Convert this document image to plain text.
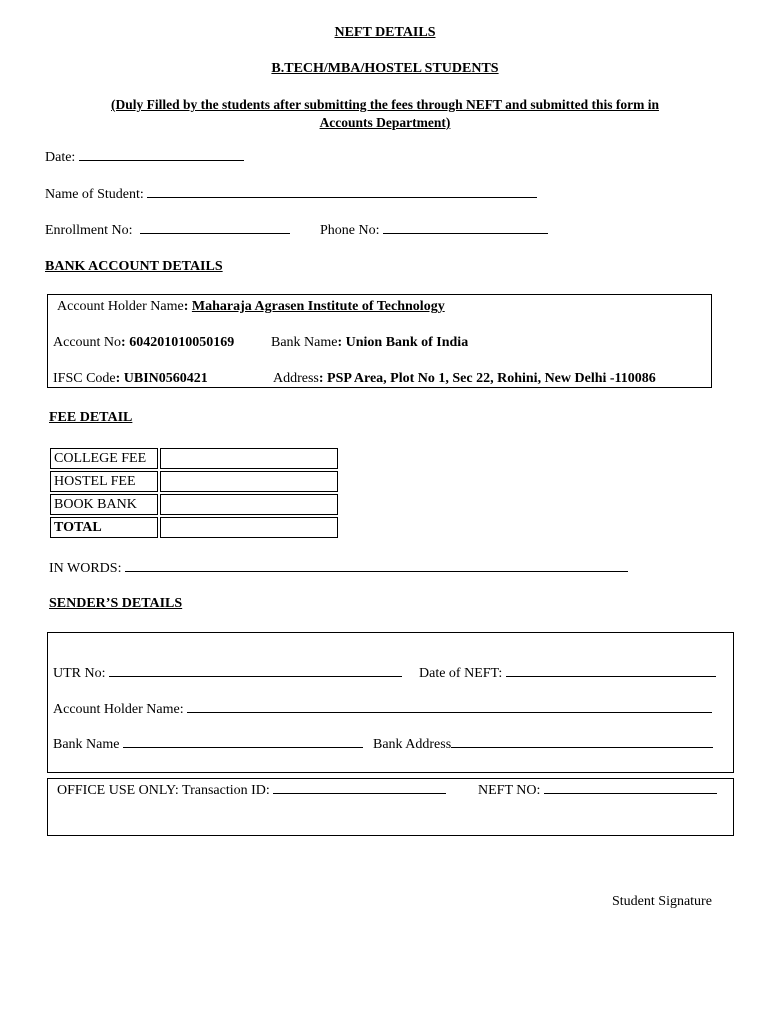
NEFT DETAILS
B.TECH/MBA/HOSTEL STUDENTS
(Duly Filled by the students after submitting the fees through NEFT and submitted this form in
Accounts Department)
Date:
Name of Student:
Enrollment No:	Phone No:
BANK ACCOUNT DETAILS
Account Holder Name: Maharaja Agrasen Institute of Technology
Account No: 604201010050169	Bank Name: Union Bank of India
IFSC Code: UBIN0560421	Address: PSP Area, Plot No 1, Sec 22, Rohini, New Delhi -110086
FEE DETAIL
COLLEGE FEE	
HOSTEL FEE	
BOOK BANK	
TOTAL	
IN WORDS:
SENDER’S DETAILS
UTR No:	Date of NEFT:
Account Holder Name:
Bank Name	Bank Address
OFFICE USE ONLY: Transaction ID:	NEFT NO:
Student Signature
